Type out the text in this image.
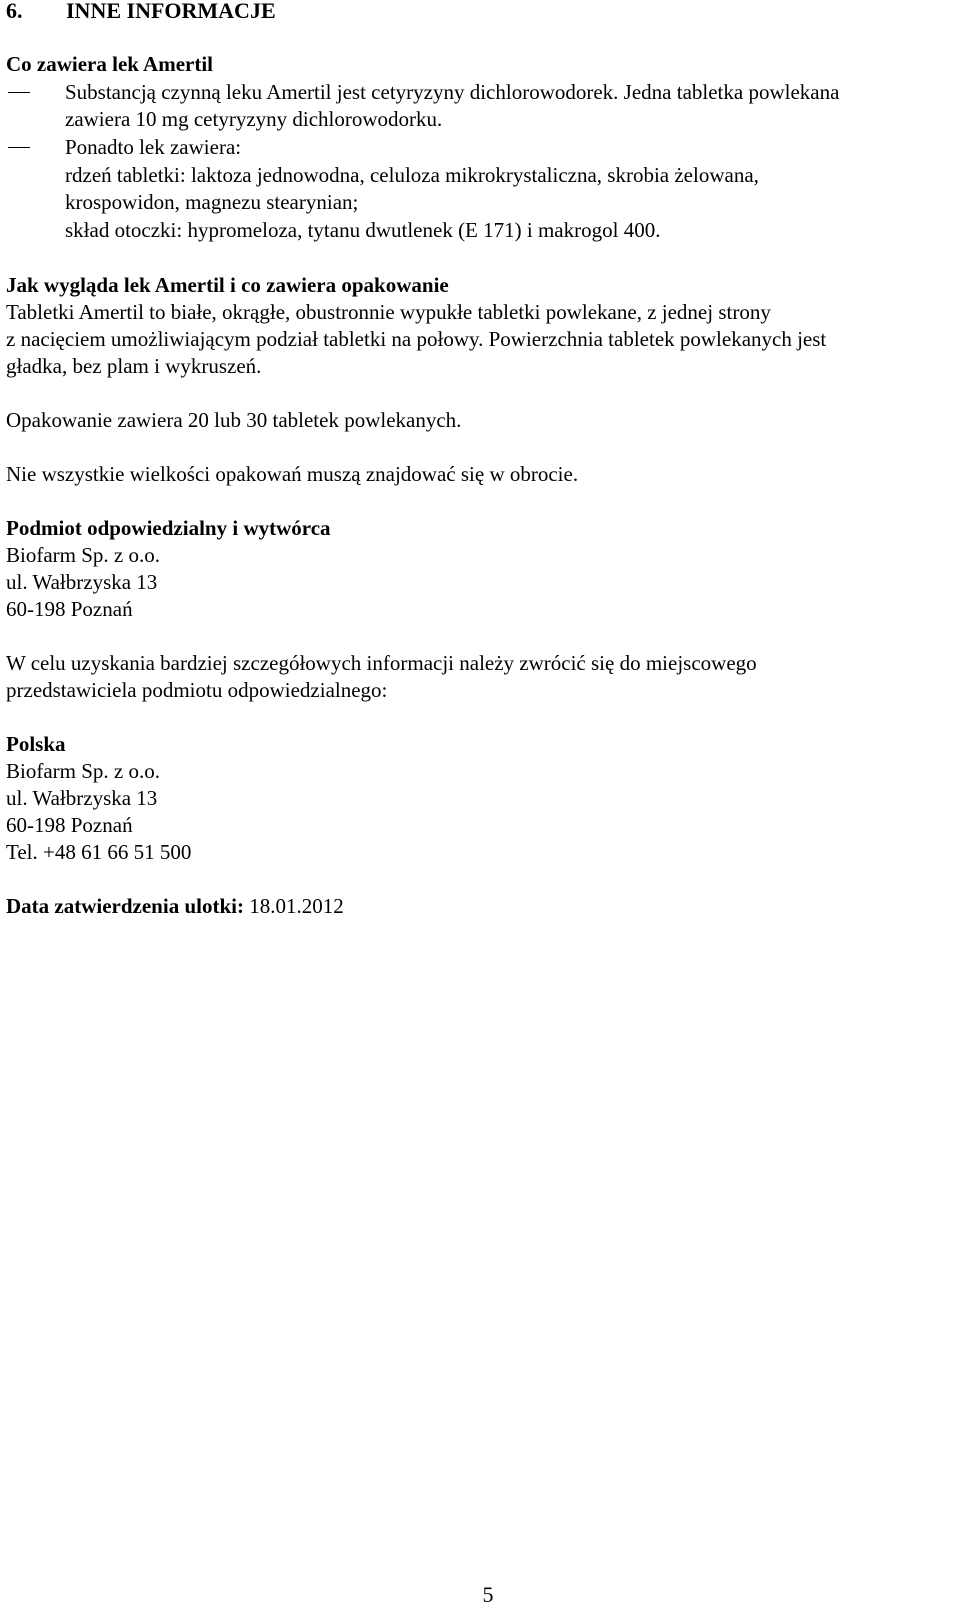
6. INNE INFORMACJE
Co zawiera lek Amertil
Substancją czynną leku Amertil jest cetyryzyny dichlorowodorek. Jedna tabletka powlekana
zawiera 10 mg cetyryzyny dichlorowodorku.
Ponadto lek zawiera:
rdzeń tabletki: laktoza jednowodna, celuloza mikrokrystaliczna, skrobia żelowana,
krospowidon, magnezu stearynian;
skład otoczki: hypromeloza, tytanu dwutlenek (E 171) i makrogol 400.
Jak wygląda lek Amertil i co zawiera opakowanie
Tabletki Amertil to białe, okrągłe, obustronnie wypukłe tabletki powlekane, z jednej strony
z nacięciem umożliwiającym podział tabletki na połowy. Powierzchnia tabletek powlekanych jest
gładka, bez plam i wykruszeń.
Opakowanie zawiera 20 lub 30 tabletek powlekanych.
Nie wszystkie wielkości opakowań muszą znajdować się w obrocie.
Podmiot odpowiedzialny i wytwórca
Biofarm Sp. z o.o.
ul. Wałbrzyska 13
60-198 Poznań
W celu uzyskania bardziej szczegółowych informacji należy zwrócić się do miejscowego
przedstawiciela podmiotu odpowiedzialnego:
Polska
Biofarm Sp. z o.o.
ul. Wałbrzyska 13
60-198 Poznań
Tel. +48 61 66 51 500
Data zatwierdzenia ulotki: 18.01.2012
5
